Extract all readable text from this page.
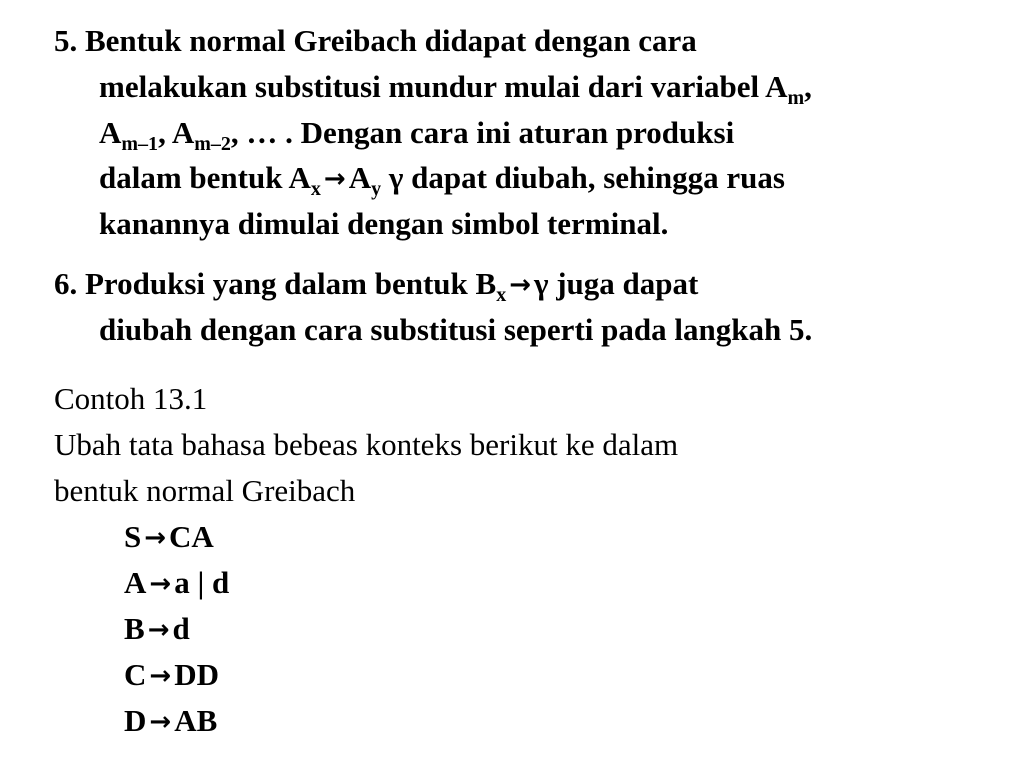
5. Bentuk normal Greibach didapat dengan cara
melakukan substitusi mundur mulai dari variabel $A_m$,
$A_{m-1}$, $A_{m-2}$, … . Dengan cara ini aturan produksi
dalam bentuk $A_x \to A_y$ γ dapat diubah, sehingga ruas
kanannya dimulai dengan simbol terminal.
6. Produksi yang dalam bentuk $B_x \to\gamma$ juga dapat
diubah dengan cara substitusi seperti pada langkah 5.
Contoh 13.1
Ubah tata bahasa bebeas konteks berikut ke dalam
bentuk normal Greibach
S →CA
A →a | d
B →d
C →DD
D →AB
